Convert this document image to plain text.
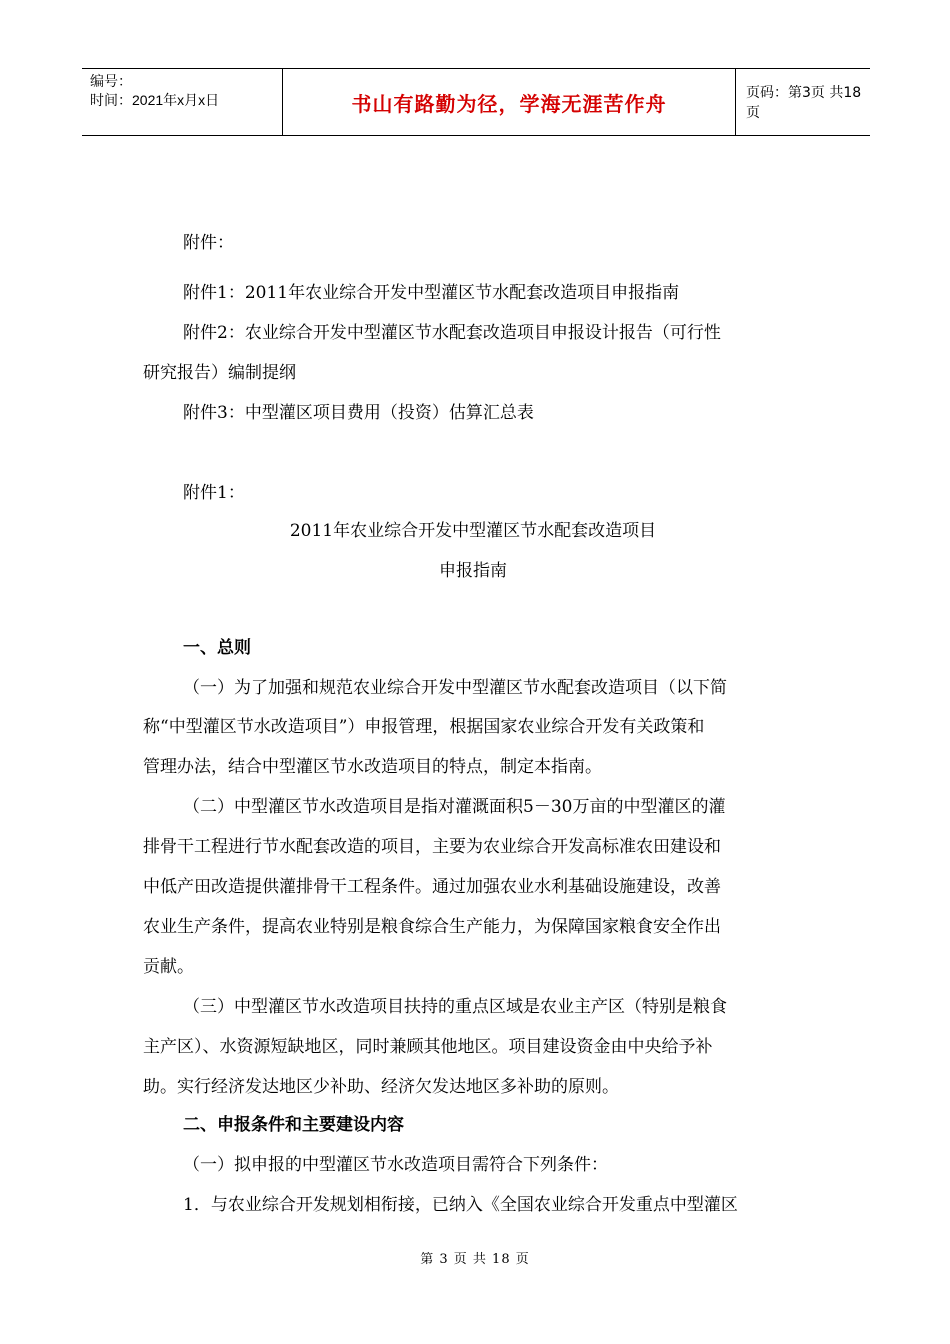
编号：
时间：2021年x月x日	书山有路勤为径，学海无涯苦作舟	页码：第3页 共18页
附件：
附件1：2011年农业综合开发中型灌区节水配套改造项目申报指南
附件2：农业综合开发中型灌区节水配套改造项目申报设计报告（可行性
研究报告）编制提纲
附件3：中型灌区项目费用（投资）估算汇总表
附件1：
2011年农业综合开发中型灌区节水配套改造项目
申报指南
一、总则
（一）为了加强和规范农业综合开发中型灌区节水配套改造项目（以下简
称“中型灌区节水改造项目”）申报管理，根据国家农业综合开发有关政策和
管理办法，结合中型灌区节水改造项目的特点，制定本指南。
（二）中型灌区节水改造项目是指对灌溉面积5－30万亩的中型灌区的灌
排骨干工程进行节水配套改造的项目，主要为农业综合开发高标准农田建设和
中低产田改造提供灌排骨干工程条件。通过加强农业水利基础设施建设，改善
农业生产条件，提高农业特别是粮食综合生产能力，为保障国家粮食安全作出
贡献。
（三）中型灌区节水改造项目扶持的重点区域是农业主产区（特别是粮食
主产区）、水资源短缺地区，同时兼顾其他地区。项目建设资金由中央给予补
助。实行经济发达地区少补助、经济欠发达地区多补助的原则。
二、申报条件和主要建设内容
（一）拟申报的中型灌区节水改造项目需符合下列条件：
1．与农业综合开发规划相衔接，已纳入《全国农业综合开发重点中型灌区
第 3 页 共 18 页
